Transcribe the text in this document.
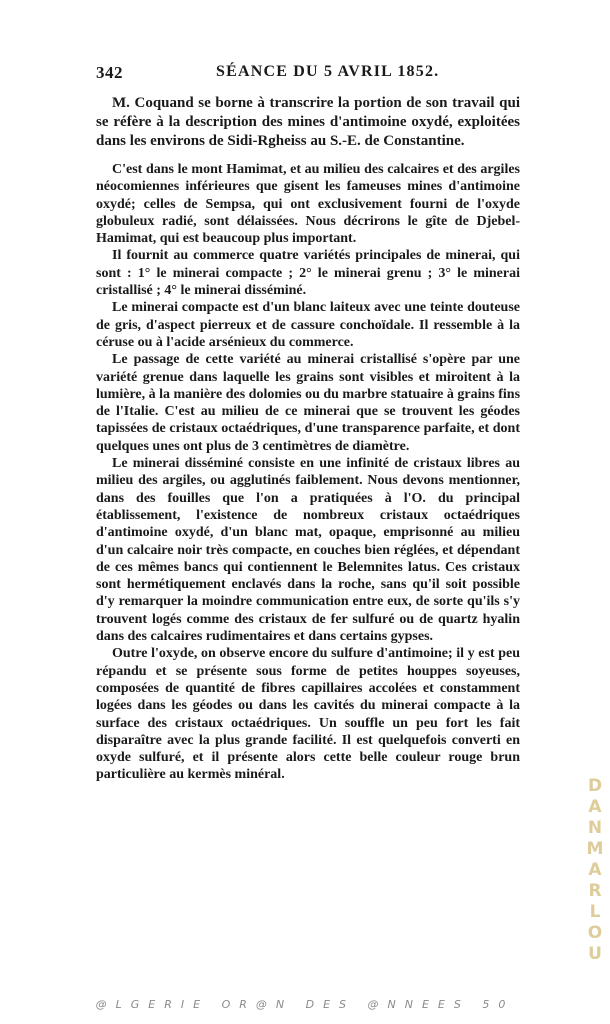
342	SÉANCE DU 5 AVRIL 1852.

M. Coquand se borne à transcrire la portion de son travail qui se réfère à la description des mines d'antimoine oxydé, exploitées dans les environs de Sidi-Rgheiss au S.-E. de Constantine.

C'est dans le mont Hamimat, et au milieu des calcaires et des argiles néocomiennes inférieures que gisent les fameuses mines d'antimoine oxydé; celles de Sempsa, qui ont exclusivement fourni de l'oxyde globuleux radié, sont délaissées. Nous décrirons le gîte de Djebel-Hamimat, qui est beaucoup plus important.

Il fournit au commerce quatre variétés principales de minerai, qui sont : 1° le minerai compacte ; 2° le minerai grenu ; 3° le minerai cristallisé ; 4° le minerai disséminé.

Le minerai compacte est d'un blanc laiteux avec une teinte douteuse de gris, d'aspect pierreux et de cassure conchoïdale. Il ressemble à la céruse ou à l'acide arsénieux du commerce.

Le passage de cette variété au minerai cristallisé s'opère par une variété grenue dans laquelle les grains sont visibles et miroitent à la lumière, à la manière des dolomies ou du marbre statuaire à grains fins de l'Italie. C'est au milieu de ce minerai que se trouvent les géodes tapissées de cristaux octaédriques, d'une transparence parfaite, et dont quelques unes ont plus de 3 centimètres de diamètre.

Le minerai disséminé consiste en une infinité de cristaux libres au milieu des argiles, ou agglutinés faiblement. Nous devons mentionner, dans des fouilles que l'on a pratiquées à l'O. du principal établissement, l'existence de nombreux cristaux octaédriques d'antimoine oxydé, d'un blanc mat, opaque, emprisonné au milieu d'un calcaire noir très compacte, en couches bien réglées, et dépendant de ces mêmes bancs qui contiennent le Belemnites latus. Ces cristaux sont hermétiquement enclavés dans la roche, sans qu'il soit possible d'y remarquer la moindre communication entre eux, de sorte qu'ils s'y trouvent logés comme des cristaux de fer sulfuré ou de quartz hyalin dans des calcaires rudimentaires et dans certains gypses.

Outre l'oxyde, on observe encore du sulfure d'antimoine; il y est peu répandu et se présente sous forme de petites houppes soyeuses, composées de quantité de fibres capillaires accolées et constamment logées dans les géodes ou dans les cavités du minerai compacte à la surface des cristaux octaédriques. Un souffle un peu fort les fait disparaître avec la plus grande facilité. Il est quelquefois converti en oxyde sulfuré, et il présente alors cette belle couleur rouge brun particulière au kermès minéral.

D
A
N
M
A
R
L
O
U
@LGERIE OR@N DES @NNEES 50
